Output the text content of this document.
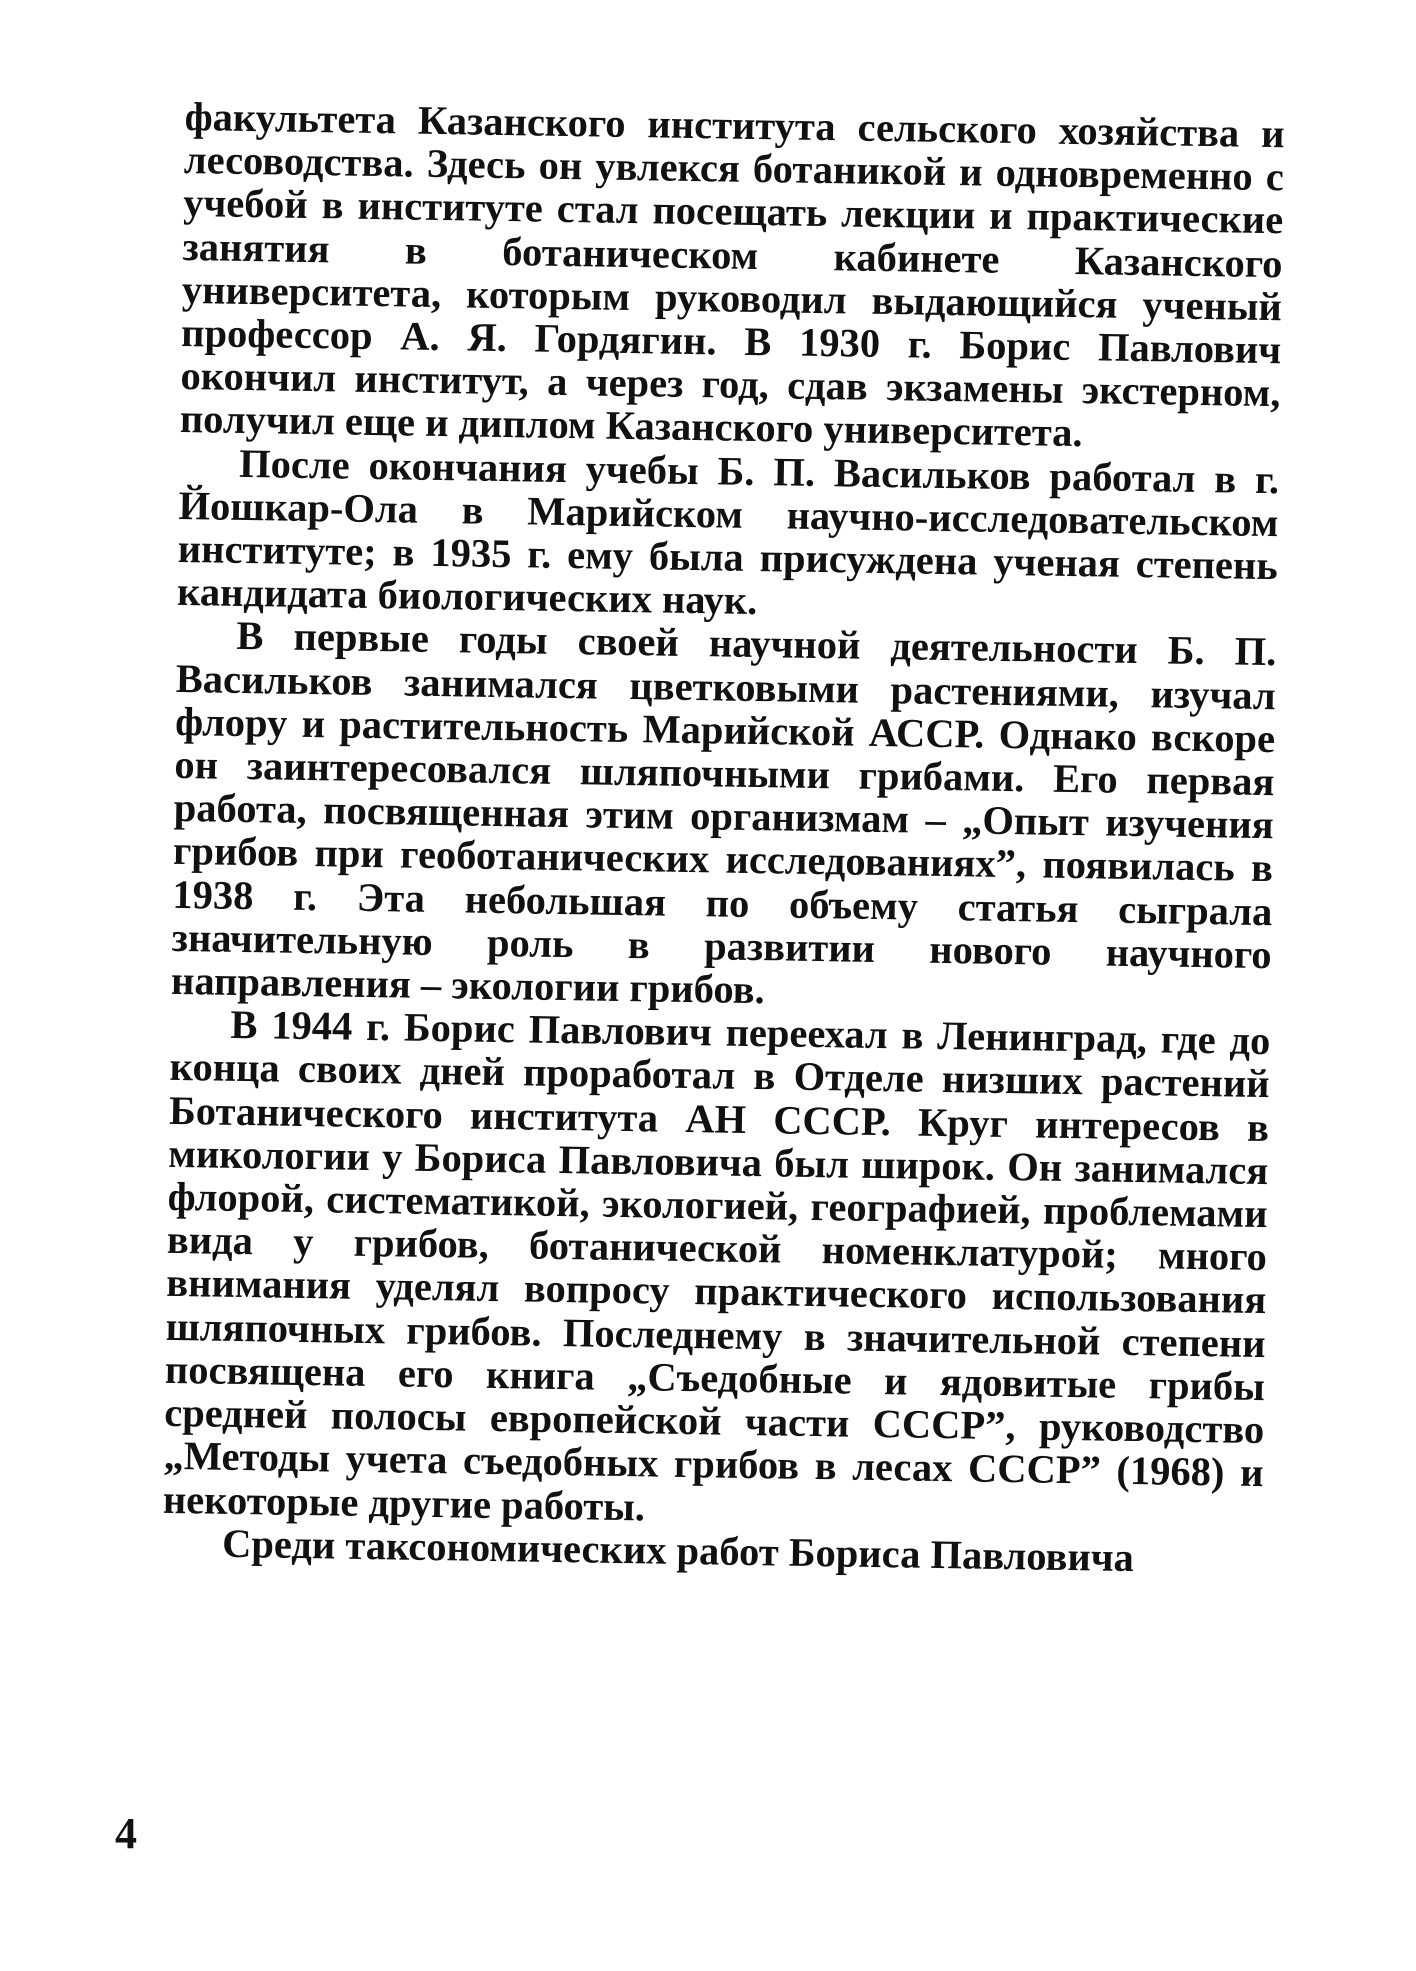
факультета Казанского института сельского хозяйства и лесоводства. Здесь он увлекся ботаникой и одновременно с учебой в институте стал посещать лекции и практические занятия в ботаническом кабинете Казанского университета, которым руководил выдающийся ученый профессор А. Я. Гордягин. В 1930 г. Борис Павлович окончил институт, а через год, сдав экзамены экстерном, получил еще и диплом Казанского университета.

После окончания учебы Б. П. Васильков работал в г. Йошкар-Ола в Марийском научно-исследовательском институте; в 1935 г. ему была присуждена ученая степень кандидата биологических наук.

В первые годы своей научной деятельности Б. П. Васильков занимался цветковыми растениями, изучал флору и растительность Марийской АССР. Однако вскоре он заинтересовался шляпочными грибами. Его первая работа, посвященная этим организмам – „Опыт изучения грибов при геоботанических исследованиях”, появилась в 1938 г. Эта небольшая по объему статья сыграла значительную роль в развитии нового научного направления – экологии грибов.

В 1944 г. Борис Павлович переехал в Ленинград, где до конца своих дней проработал в Отделе низших растений Ботанического института АН СССР. Круг интересов в микологии у Бориса Павловича был широк. Он занимался флорой, систематикой, экологией, географией, проблемами вида у грибов, ботанической номенклатурой; много внимания уделял вопросу практического использования шляпочных грибов. Последнему в значительной степени посвящена его книга „Съедобные и ядовитые грибы средней полосы европейской части СССР”, руководство „Методы учета съедобных грибов в лесах СССР” (1968) и некоторые другие работы.

Среди таксономических работ Бориса Павловича

4
